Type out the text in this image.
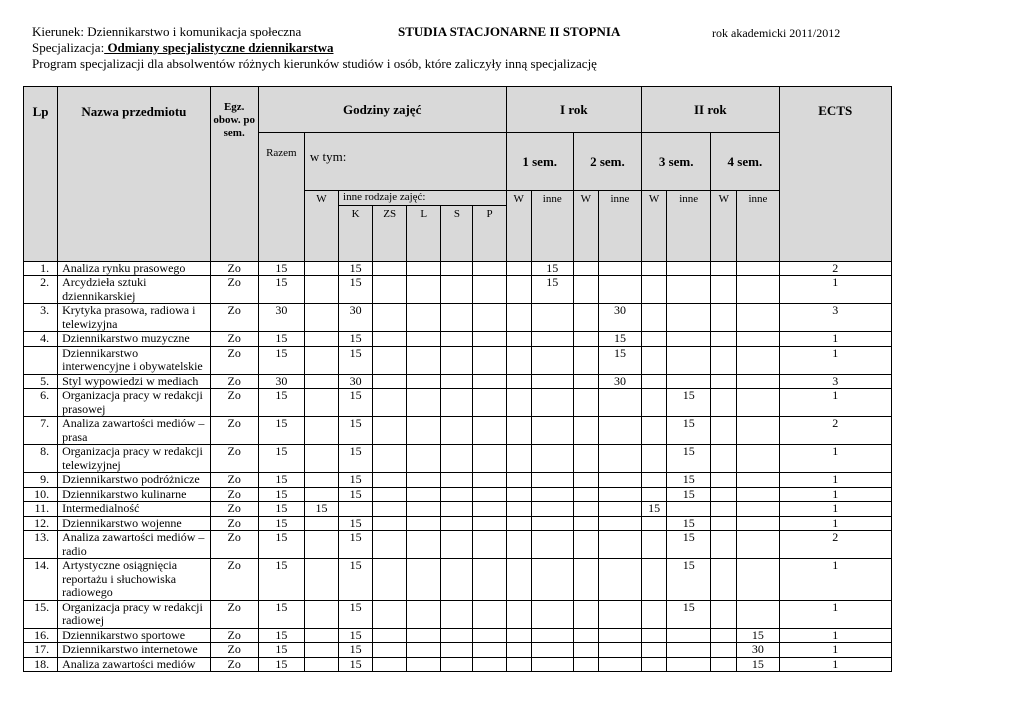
Kierunek: Dziennikarstwo i komunikacja społeczna	STUDIA STACJONARNE II STOPNIA	rok akademicki 2011/2012
Specjalizacja: Odmiany specjalistyczne dziennikarstwa
Program specjalizacji dla absolwentów różnych kierunków studiów i osób, które zaliczyły inną specjalizację
Lp	Nazwa przedmiotu	Egz. obow. po sem.	Godziny zajęć							I rok				II rok				ECTS
			Razem	w tym:						1 sem.		2 sem.		3 sem.		4 sem.		
				W	inne rodzaje zajęć:					W	inne	W	inne	W	inne	W	inne	
					K	ZS	L	S	P									
1.	Analiza rynku prasowego	Zo	15		15						15							2
2.	Arcydzieła sztuki dziennikarskiej	Zo	15		15						15							1
3.	Krytyka prasowa, radiowa i telewizyjna	Zo	30		30								30					3
4.	Dziennikarstwo muzyczne	Zo	15		15								15					1
	Dziennikarstwo interwencyjne i obywatelskie	Zo	15		15								15					1
5.	Styl wypowiedzi w mediach	Zo	30		30								30					3
6.	Organizacja pracy w redakcji prasowej	Zo	15		15										15			1
7.	Analiza zawartości mediów – prasa	Zo	15		15										15			2
8.	Organizacja pracy w redakcji telewizyjnej	Zo	15		15										15			1
9.	Dziennikarstwo podróżnicze	Zo	15		15										15			1
10.	Dziennikarstwo kulinarne	Zo	15		15										15			1
11.	Intermedialność	Zo	15	15										15				1
12.	Dziennikarstwo wojenne	Zo	15		15										15			1
13.	Analiza zawartości mediów – radio	Zo	15		15										15			2
14.	Artystyczne osiągnięcia reportażu i słuchowiska radiowego	Zo	15		15										15			1
15.	Organizacja pracy w redakcji radiowej	Zo	15		15										15			1
16.	Dziennikarstwo sportowe	Zo	15		15												15	1
17.	Dziennikarstwo internetowe	Zo	15		15												30	1
18.	Analiza zawartości mediów	Zo	15		15												15	1
